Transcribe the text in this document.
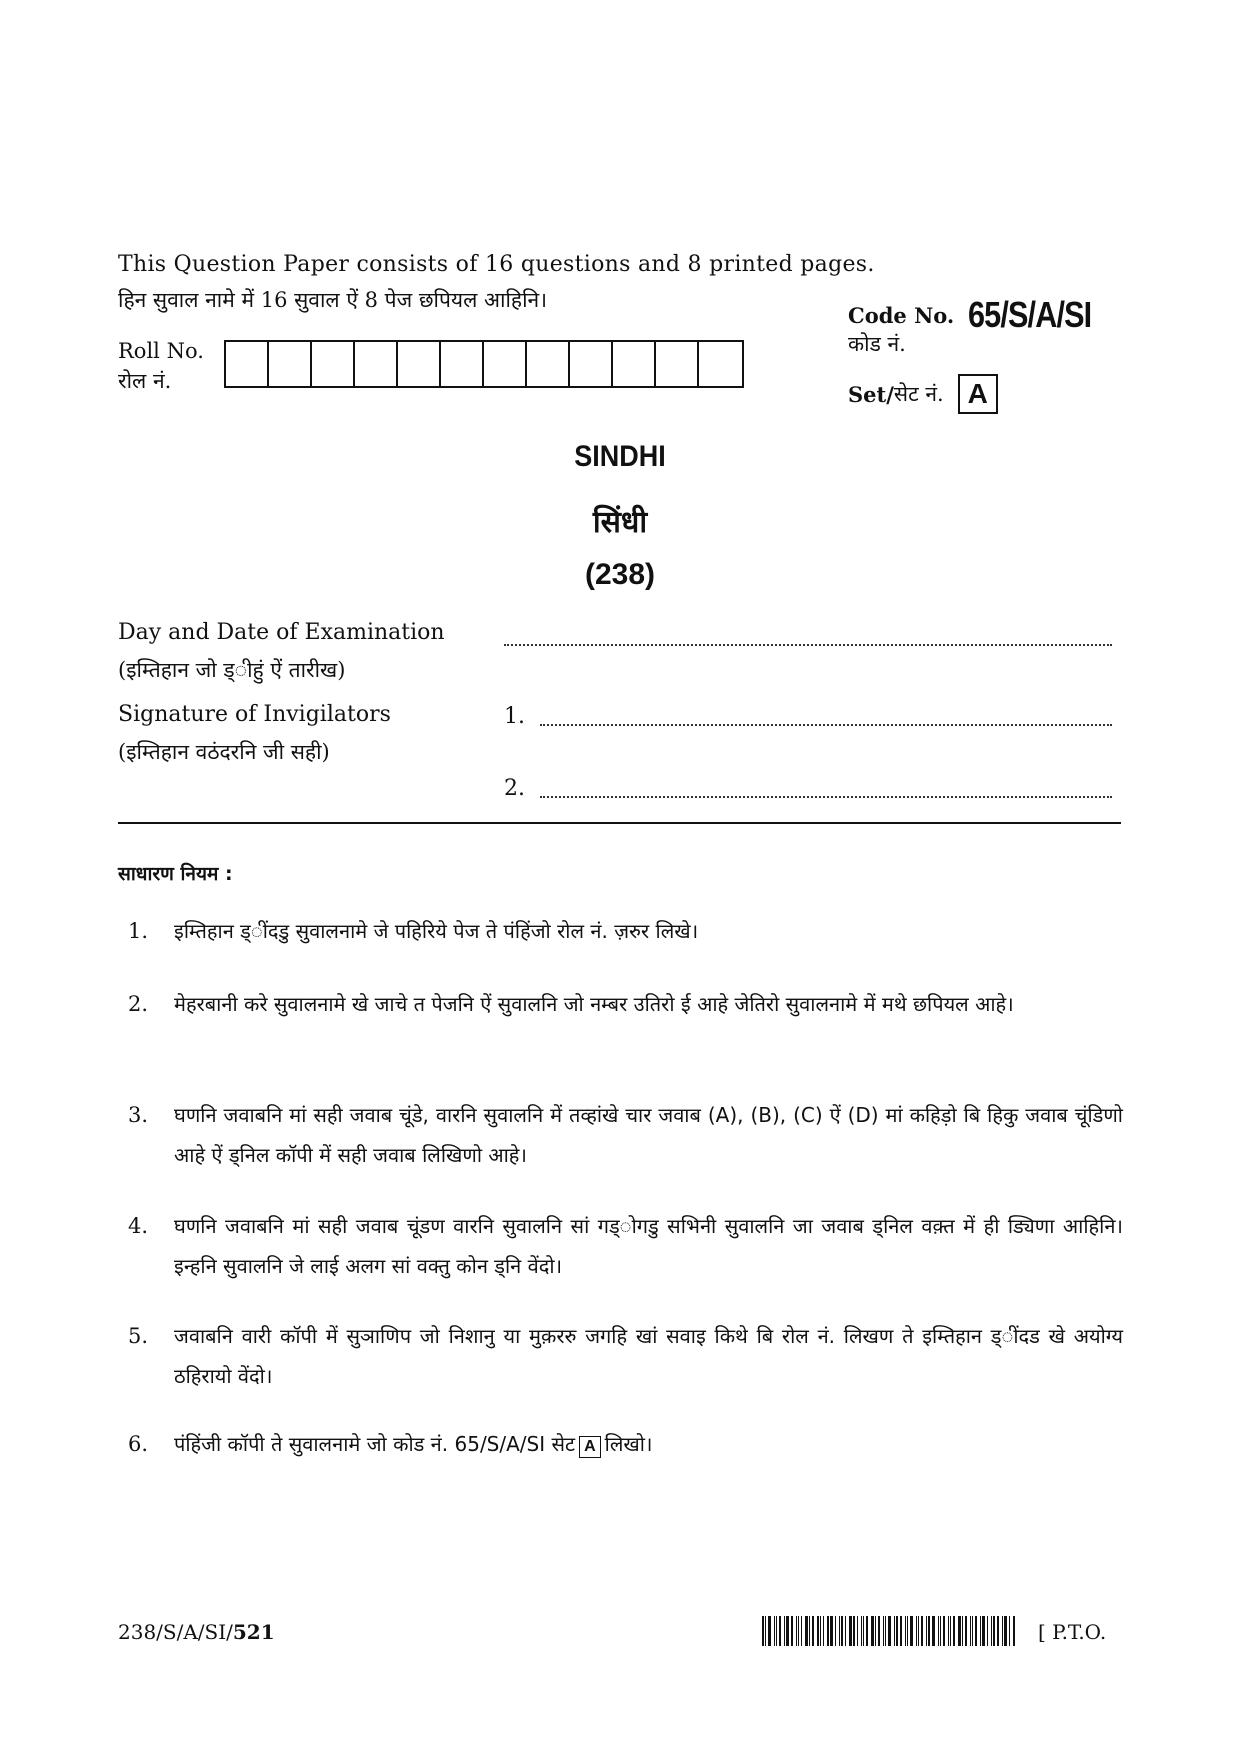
This Question Paper consists of 16 questions and 8 printed pages.
हिन सुवाल नामे में 16 सुवाल ऐं 8 पेज छपियल आहिनि।
Roll No.
रोल नं.
Code No. 65/S/A/SI
कोड नं.
Set/ सेट नं. A
SINDHI
सिंधी
(238)
Day and Date of Examination
(इम्तिहान जो ड्ीहुं ऐं तारीख)
Signature of Invigilators
(इम्तिहान वठंदरनि जी सही)
1.
2.
साधारण नियम :
1.	इम्तिहान ड्ींदडु सुवालनामे जे पहिरिये पेज ते पंहिंजो रोल नं. ज़रुर लिखे।
2.	मेहरबानी करे सुवालनामे खे जाचे त पेजनि ऐं सुवालनि जो नम्बर उतिरो ई आहे जेतिरो सुवालनामे में मथे छपियल आहे।
3.	घणनि जवाबनि मां सही जवाब चूंडे, वारनि सुवालनि में तव्हांखे चार जवाब (A), (B), (C) ऐं (D) मां कहिड़ो बि हिकु जवाब चूंडिणो आहे ऐं ड्निल कॉपी में सही जवाब लिखिणो आहे।
4.	घणनि जवाबनि मां सही जवाब चूंडण वारनि सुवालनि सां गड्ोगडु सभिनी सुवालनि जा जवाब ड्निल वक़्त में ही ड्यिणा आहिनि। इन्हनि सुवालनि जे लाई अलग सां वक्तु कोन ड्नि वेंदो।
5.	जवाबनि वारी कॉपी में सुञाणिप जो निशानु या मुक़ररु जगहि खां सवाइ किथे बि रोल नं. लिखण ते इम्तिहान ड्ींदड खे अयोग्य ठहिरायो वेंदो।
6.	पंहिंजी कॉपी ते सुवालनामे जो कोड नं. 65/S/A/SI सेट A लिखो।
238/S/A/SI/521	[ P.T.O.
